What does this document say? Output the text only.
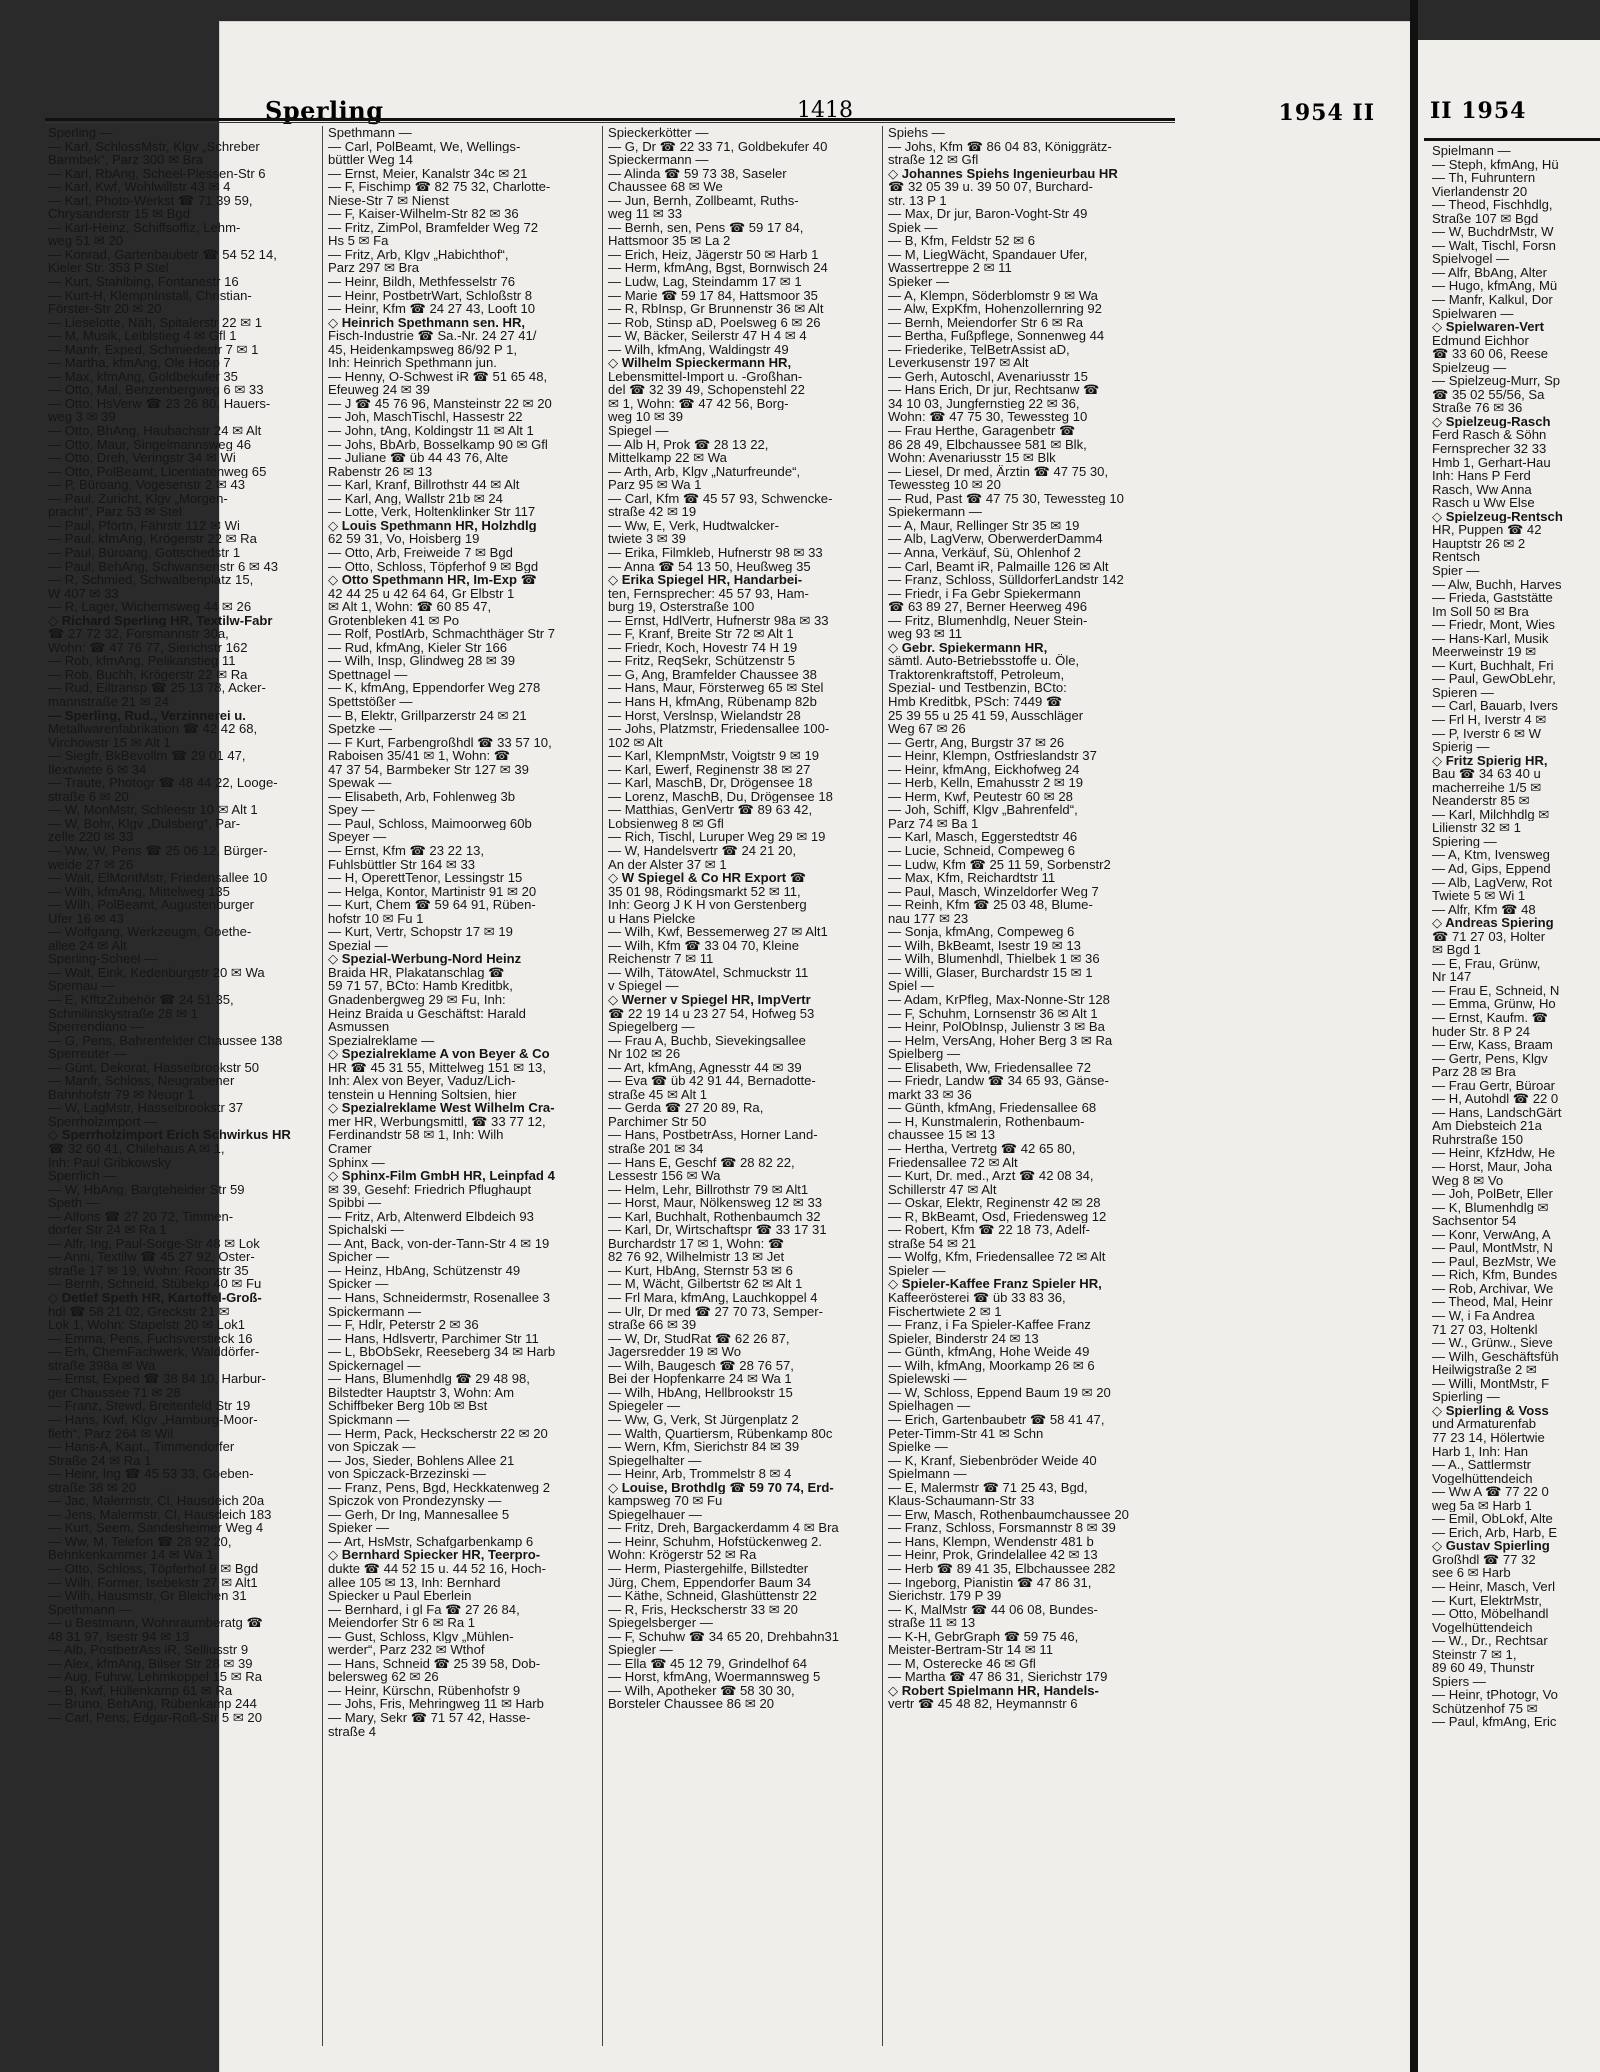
Sperling	1418	1954 II
Sperling —
— Karl, SchlossMstr, Klgv „Schreber
Barmbek“, Parz 300 ✉ Bra
— Karl, RbAng, Scheel-Plessen-Str 6
— Karl, Kwf, Wohlwillstr 43 ✉ 4
— Karl, Photo-Werkst ☎ 71 39 59,
Chrysanderstr 15 ✉ Bgd
— Karl-Heinz, Schiffsoffiz, Lehm-
weg 51 ✉ 20
— Konrad, Gartenbaubetr ☎ 54 52 14,
Kieler Str. 353 P Stel
— Kurt, Stahlbing, Fontanestr 16
— Kurt-H, KlempnInstall, Christian-
Förster-Str 20 ✉ 20
— Lieselotte, Näh, Spitalerstr 22 ✉ 1
— M, Musik, Leiblstieg 4 ✉ Gfl 1
— Manfr, Exped, Schmiedestr 7 ✉ 1
— Martha, kfmAng, Ole Hoop 7
— Max, kfmAng, Goldbekufer 35
— Otto, Mal, Benzenbergweg 6 ✉ 33
— Otto, HsVerw ☎ 23 26 80, Hauers-
weg 3 ✉ 39
— Otto, BhAng, Haubachstr 24 ✉ Alt
— Otto, Maur, Singelmannsweg 46
— Otto, Dreh, Veringstr 34 ✉ Wi
— Otto, PolBeamt, Licentiatenweg 65
— P, Büroang, Vogesenstr 2 ✉ 43
— Paul, Zuricht, Klgv „Morgen-
pracht“, Parz 53 ✉ Stel
— Paul, Pförtn, Fährstr 112 ✉ Wi
— Paul, kfmAng, Krögerstr 22 ✉ Ra
— Paul, Büroang, Gottschedstr 1
— Paul, BehAng, Schwansenstr 6 ✉ 43
— R, Schmied, Schwalbenplatz 15,
W 407 ✉ 33
— R, Lager, Wichernsweg 44 ✉ 26
◇ Richard Sperling HR, Textilw-Fabr
☎ 27 72 32, Forsmannstr 30a,
Wohn: ☎ 47 76 77, Sierichstr 162
— Rob, kfmAng, Pelikanstieg 11
— Rob, Buchh, Krögerstr 22 ✉ Ra
— Rud, Eiltransp ☎ 25 13 78, Acker-
mannstraße 21 ✉ 24
— Sperling, Rud., Verzinnerei u.
Metallwarenfabrikation ☎ 42 42 68,
Virchowstr 15 ✉ Alt 1
— Siegfr, BkBevollm ☎ 29 01 47,
Ilextwiete 6 ✉ 34
— Traute, Photogr ☎ 48 44 22, Looge-
straße 6 ✉ 20
— W, MonMstr, Schleestr 10 ✉ Alt 1
— W, Bohr, Klgv „Dulsberg“, Par-
zelle 220 ✉ 33
— Ww, W, Pens ☎ 25 06 12, Bürger-
weide 27 ✉ 26
— Walt, ElMontMstr, Friedensallee 10
— Wilh, kfmAng, Mittelweg 135
— Wilh, PolBeamt, Augustenburger
Ufer 16 ✉ 43
— Wolfgang, Werkzeugm, Goethe-
allee 24 ✉ Alt
Sperling-Scheel —
— Walt, Eink, Kedenburgstr 20 ✉ Wa
Spernau —
— E, KfftzZubehör ☎ 24 51 35,
Schmilinskystraße 28 ✉ 1
Sperrendiano —
— G, Pens, Bahrenfelder Chaussee 138
Sperreuter —
— Günt, Dekorat, Hasselbrookstr 50
— Manfr, Schloss, Neugrabener
Bahnhofstr 79 ✉ Neugr 1
— W, LagMstr, Hasselbrookstr 37
Sperrholzimport —
◇ Sperrholzimport Erich Schwirkus HR
☎ 32 60 41, Chilehaus A ✉ 1,
Inh: Paul Gribkowsky
Sperrlich —
— W, HbAng, Bargteheider Str 59
Speth —
— Alfons ☎ 27 20 72, Timmen-
dorfer Str 24 ✉ Ra 1
— Alfr, Ing, Paul-Sorge-Str 48 ✉ Lok
— Anni, Textilw ☎ 45 27 92, Oster-
straße 17 ✉ 19, Wohn: Roonstr 35
— Bernh, Schneid, Stübekp 40 ✉ Fu
◇ Detlef Speth HR, Kartoffel-Groß-
hdl ☎ 58 21 02, Greckstr 21 ✉
Lok 1, Wohn: Stapelstr 20 ✉ Lok1
— Emma, Pens, Fuchsverstieck 16
— Erh, ChemFachwerk, Walddörfer-
straße 398a ✉ Wa
— Ernst, Exped ☎ 38 84 10, Harbur-
ger Chaussee 71 ✉ 28
— Franz, Stewd, Breitenfeld Str 19
— Hans, Kwf, Klgv „Hamburg-Moor-
fleth“, Parz 264 ✉ Wil
— Hans-A, Kapt., Timmendorfer
Straße 24 ✉ Ra 1
— Heinr, Ing ☎ 45 53 33, Goeben-
straße 38 ✉ 20
— Jac, Malermstr, Cl, Hausdeich 20a
— Jens, Malermstr, Cl, Hausdeich 183
— Kurt, Seem, Sandesheimer Weg 4
— Ww, M, Telefon ☎ 28 92 20,
Behnkenkammer 14 ✉ Wa 1
— Otto, Schloss, Töpferhof 9 ✉ Bgd
— Wilh, Former, Isebekstr 27 ✉ Alt1
— Wilh, Hausmstr, Gr Bleichen 31
Spethmann —
— u Bestmann, Wohnraumberatg ☎
48 31 97, Isestr 94 ✉ 13
— Alb, PostbetrAss iR, Selliusstr 9
— Alex, kfmAng, Bilser Str 28 ✉ 39
— Aug, Fuhrw, Lehmkoppel 15 ✉ Ra
— B, Kwf, Hüllenkamp 61 ✉ Ra
— Bruno, BehAng, Rübenkamp 244
— Carl, Pens, Edgar-Roß-Str 5 ✉ 20
Spethmann —
— Carl, PolBeamt, We, Wellings-
büttler Weg 14
— Ernst, Meier, Kanalstr 34c ✉ 21
— F, Fischimp ☎ 82 75 32, Charlotte-
Niese-Str 7 ✉ Nienst
— F, Kaiser-Wilhelm-Str 82 ✉ 36
— Fritz, ZimPol, Bramfelder Weg 72
Hs 5 ✉ Fa
— Fritz, Arb, Klgv „Habichthof“,
Parz 297 ✉ Bra
— Heinr, Bildh, Methfesselstr 76
— Heinr, PostbetrWart, Schloßstr 8
— Heinr, Kfm ☎ 24 27 43, Looft 10
◇ Heinrich Spethmann sen. HR,
Fisch-Industrie ☎ Sa.-Nr. 24 27 41/
45, Heidenkampsweg 86/92 P 1,
Inh: Heinrich Spethmann jun.
— Henny, O-Schwest iR ☎ 51 65 48,
Efeuweg 24 ✉ 39
— J ☎ 45 76 96, Mansteinstr 22 ✉ 20
— Joh, MaschTischl, Hassestr 22
— John, tAng, Koldingstr 11 ✉ Alt 1
— Johs, BbArb, Bosselkamp 90 ✉ Gfl
— Juliane ☎ üb 44 43 76, Alte
Rabenstr 26 ✉ 13
— Karl, Kranf, Billrothstr 44 ✉ Alt
— Karl, Ang, Wallstr 21b ✉ 24
— Lotte, Verk, Holtenklinker Str 117
◇ Louis Spethmann HR, Holzhdlg
62 59 31, Vo, Hoisberg 19
— Otto, Arb, Freiweide 7 ✉ Bgd
— Otto, Schloss, Töpferhof 9 ✉ Bgd
◇ Otto Spethmann HR, Im-Exp ☎
42 44 25 u 42 64 64, Gr Elbstr 1
✉ Alt 1, Wohn: ☎ 60 85 47,
Grotenbleken 41 ✉ Po
— Rolf, PostlArb, Schmachthäger Str 7
— Rud, kfmAng, Kieler Str 166
— Wilh, Insp, Glindweg 28 ✉ 39
Spettnagel —
— K, kfmAng, Eppendorfer Weg 278
Spettstößer —
— B, Elektr, Grillparzerstr 24 ✉ 21
Spetzke —
— F Kurt, Farbengroßhdl ☎ 33 57 10,
Raboisen 35/41 ✉ 1, Wohn: ☎
47 37 54, Barmbeker Str 127 ✉ 39
Spewak —
— Elisabeth, Arb, Fohlenweg 3b
Spey —
— Paul, Schloss, Maimoorweg 60b
Speyer —
— Ernst, Kfm ☎ 23 22 13,
Fuhlsbüttler Str 164 ✉ 33
— H, OperettTenor, Lessingstr 15
— Helga, Kontor, Martinistr 91 ✉ 20
— Kurt, Chem ☎ 59 64 91, Rüben-
hofstr 10 ✉ Fu 1
— Kurt, Vertr, Schopstr 17 ✉ 19
Spezial —
◇ Spezial-Werbung-Nord Heinz
Braida HR, Plakatanschlag ☎
59 71 57, BCto: Hamb Kreditbk,
Gnadenbergweg 29 ✉ Fu, Inh:
Heinz Braida u Geschäftst: Harald
Asmussen
Spezialreklame —
◇ Spezialreklame A von Beyer & Co
HR ☎ 45 31 55, Mittelweg 151 ✉ 13,
Inh: Alex von Beyer, Vaduz/Lich-
tenstein u Henning Soltsien, hier
◇ Spezialreklame West Wilhelm Cra-
mer HR, Werbungsmittl, ☎ 33 77 12,
Ferdinandstr 58 ✉ 1, Inh: Wilh
Cramer
Sphinx —
◇ Sphinx-Film GmbH HR, Leinpfad 4
✉ 39, Gesehf: Friedrich Pflughaupt
Spibbi —
— Fritz, Arb, Altenwerd Elbdeich 93
Spichalski —
— Ant, Back, von-der-Tann-Str 4 ✉ 19
Spicher —
— Heinz, HbAng, Schützenstr 49
Spicker —
— Hans, Schneidermstr, Rosenallee 3
Spickermann —
— F, Hdlr, Peterstr 2 ✉ 36
— Hans, Hdlsvertr, Parchimer Str 11
— L, BbObSekr, Reeseberg 34 ✉ Harb
Spickernagel —
— Hans, Blumenhdlg ☎ 29 48 98,
Bilstedter Hauptstr 3, Wohn: Am
Schiffbeker Berg 10b ✉ Bst
Spickmann —
— Herm, Pack, Heckscherstr 22 ✉ 20
von Spiczak —
— Jos, Sieder, Bohlens Allee 21
von Spiczack-Brzezinski —
— Franz, Pens, Bgd, Heckkatenweg 2
Spiczok von Prondezynsky —
— Gerh, Dr Ing, Mannesallee 5
Spieker —
— Art, HsMstr, Schafgarbenkamp 6
◇ Bernhard Spiecker HR, Teerpro-
dukte ☎ 44 52 15 u. 44 52 16, Hoch-
allee 105 ✉ 13, Inh: Bernhard
Spiecker u Paul Eberlein
— Bernhard, i gl Fa ☎ 27 26 84,
Meiendorfer Str 6 ✉ Ra 1
— Gust, Schloss, Klgv „Mühlen-
werder“, Parz 232 ✉ Wthof
— Hans, Schneid ☎ 25 39 58, Dob-
belersweg 62 ✉ 26
— Heinr, Kürschn, Rübenhofstr 9
— Johs, Fris, Mehringweg 11 ✉ Harb
— Mary, Sekr ☎ 71 57 42, Hasse-
straße 4
Spieckerkötter —
— G, Dr ☎ 22 33 71, Goldbekufer 40
Spieckermann —
— Alinda ☎ 59 73 38, Saseler
Chaussee 68 ✉ We
— Jun, Bernh, Zollbeamt, Ruths-
weg 11 ✉ 33
— Bernh, sen, Pens ☎ 59 17 84,
Hattsmoor 35 ✉ La 2
— Erich, Heiz, Jägerstr 50 ✉ Harb 1
— Herm, kfmAng, Bgst, Bornwisch 24
— Ludw, Lag, Steindamm 17 ✉ 1
— Marie ☎ 59 17 84, Hattsmoor 35
— R, RbInsp, Gr Brunnenstr 36 ✉ Alt
— Rob, Stinsp aD, Poelsweg 6 ✉ 26
— W, Bäcker, Seilerstr 47 H 4 ✉ 4
— Wilh, kfmAng, Waldingstr 49
◇ Wilhelm Spieckermann HR,
Lebensmittel-Import u. -Großhan-
del ☎ 32 39 49, Schopenstehl 22
✉ 1, Wohn: ☎ 47 42 56, Borg-
weg 10 ✉ 39
Spiegel —
— Alb H, Prok ☎ 28 13 22,
Mittelkamp 22 ✉ Wa
— Arth, Arb, Klgv „Naturfreunde“,
Parz 95 ✉ Wa 1
— Carl, Kfm ☎ 45 57 93, Schwencke-
straße 42 ✉ 19
— Ww, E, Verk, Hudtwalcker-
twiete 3 ✉ 39
— Erika, Filmkleb, Hufnerstr 98 ✉ 33
— Anna ☎ 54 13 50, Heußweg 35
◇ Erika Spiegel HR, Handarbei-
ten, Fernsprecher: 45 57 93, Ham-
burg 19, Osterstraße 100
— Ernst, HdlVertr, Hufnerstr 98a ✉ 33
— F, Kranf, Breite Str 72 ✉ Alt 1
— Friedr, Koch, Hovestr 74 H 19
— Fritz, ReqSekr, Schützenstr 5
— G, Ang, Bramfelder Chaussee 38
— Hans, Maur, Försterweg 65 ✉ Stel
— Hans H, kfmAng, Rübenamp 82b
— Horst, Verslnsp, Wielandstr 28
— Johs, Platzmstr, Friedensallee 100-
102 ✉ Alt
— Karl, KlempnMstr, Voigtstr 9 ✉ 19
— Karl, Ewerf, Reginenstr 38 ✉ 27
— Karl, MaschB, Dr, Drögensee 18
— Lorenz, MaschB, Du, Drögensee 18
— Matthias, GenVertr ☎ 89 63 42,
Lobsienweg 8 ✉ Gfl
— Rich, Tischl, Luruper Weg 29 ✉ 19
— W, Handelsvertr ☎ 24 21 20,
An der Alster 37 ✉ 1
◇ W Spiegel & Co HR Export ☎
35 01 98, Rödingsmarkt 52 ✉ 11,
Inh: Georg J K H von Gerstenberg
u Hans Pielcke
— Wilh, Kwf, Bessemerweg 27 ✉ Alt1
— Wilh, Kfm ☎ 33 04 70, Kleine
Reichenstr 7 ✉ 11
— Wilh, TätowAtel, Schmuckstr 11
v Spiegel —
◇ Werner v Spiegel HR, ImpVertr
☎ 22 19 14 u 23 27 54, Hofweg 53
Spiegelberg —
— Frau A, Buchb, Sievekingsallee
Nr 102 ✉ 26
— Art, kfmAng, Agnesstr 44 ✉ 39
— Eva ☎ üb 42 91 44, Bernadotte-
straße 45 ✉ Alt 1
— Gerda ☎ 27 20 89, Ra,
Parchimer Str 50
— Hans, PostbetrAss, Horner Land-
straße 201 ✉ 34
— Hans E, Geschf ☎ 28 82 22,
Lessestr 156 ✉ Wa
— Helm, Lehr, Billrothstr 79 ✉ Alt1
— Horst, Maur, Nölkensweg 12 ✉ 33
— Karl, Buchhalt, Rothenbaumch 32
— Karl, Dr, Wirtschaftspr ☎ 33 17 31
Burchardstr 17 ✉ 1, Wohn: ☎
82 76 92, Wilhelmistr 13 ✉ Jet
— Kurt, HbAng, Sternstr 53 ✉ 6
— M, Wächt, Gilbertstr 62 ✉ Alt 1
— Frl Mara, kfmAng, Lauchkoppel 4
— Ulr, Dr med ☎ 27 70 73, Semper-
straße 66 ✉ 39
— W, Dr, StudRat ☎ 62 26 87,
Jagersredder 19 ✉ Wo
— Wilh, Baugesch ☎ 28 76 57,
Bei der Hopfenkarre 24 ✉ Wa 1
— Wilh, HbAng, Hellbrookstr 15
Spiegeler —
— Ww, G, Verk, St Jürgenplatz 2
— Walth, Quartiersm, Rübenkamp 80c
— Wern, Kfm, Sierichstr 84 ✉ 39
Spiegelhalter —
— Heinr, Arb, Trommelstr 8 ✉ 4
◇ Louise, Brothdlg ☎ 59 70 74, Erd-
kampsweg 70 ✉ Fu
Spiegelhauer —
— Fritz, Dreh, Bargackerdamm 4 ✉ Bra
— Heinr, Schuhm, Hofstückenweg 2.
Wohn: Krögerstr 52 ✉ Ra
— Herm, Piastergehilfe, Billstedter
Jürg, Chem, Eppendorfer Baum 34
— Käthe, Schneid, Glashüttenstr 22
— R, Fris, Heckscherstr 33 ✉ 20
Spiegelsberger —
— F, Schuhw ☎ 34 65 20, Drehbahn31
Spiegler —
— Ella ☎ 45 12 79, Grindelhof 64
— Horst, kfmAng, Woermannsweg 5
— Wilh, Apotheker ☎ 58 30 30,
Borsteler Chaussee 86 ✉ 20
Spiehs —
— Johs, Kfm ☎ 86 04 83, Königgrätz-
straße 12 ✉ Gfl
◇ Johannes Spiehs Ingenieurbau HR
☎ 32 05 39 u. 39 50 07, Burchard-
str. 13 P 1
— Max, Dr jur, Baron-Voght-Str 49
Spiek —
— B, Kfm, Feldstr 52 ✉ 6
— M, LiegWächt, Spandauer Ufer,
Wassertreppe 2 ✉ 11
Spieker —
— A, Klempn, Söderblomstr 9 ✉ Wa
— Alw, ExpKfm, Hohenzollernring 92
— Bernh, Meiendorfer Str 6 ✉ Ra
— Bertha, Fußpflege, Sonnenweg 44
— Friederike, TelBetrAssist aD,
Leverkusenstr 197 ✉ Alt
— Gerh, Autoschl, Avenariusstr 15
— Hans Erich, Dr jur, Rechtsanw ☎
34 10 03, Jungfernstieg 22 ✉ 36,
Wohn: ☎ 47 75 30, Tewessteg 10
— Frau Herthe, Garagenbetr ☎
86 28 49, Elbchaussee 581 ✉ Blk,
Wohn: Avenariusstr 15 ✉ Blk
— Liesel, Dr med, Ärztin ☎ 47 75 30,
Tewessteg 10 ✉ 20
— Rud, Past ☎ 47 75 30, Tewessteg 10
Spiekermann —
— A, Maur, Rellinger Str 35 ✉ 19
— Alb, LagVerw, OberwerderDamm4
— Anna, Verkäuf, Sü, Ohlenhof 2
— Carl, Beamt iR, Palmaille 126 ✉ Alt
— Franz, Schloss, SülldorferLandstr 142
— Friedr, i Fa Gebr Spiekermann
☎ 63 89 27, Berner Heerweg 496
— Fritz, Blumenhdlg, Neuer Stein-
weg 93 ✉ 11
◇ Gebr. Spiekermann HR,
sämtl. Auto-Betriebsstoffe u. Öle,
Traktorenkraftstoff, Petroleum,
Spezial- und Testbenzin, BCto:
Hmb Kreditbk, PSch: 7449 ☎
25 39 55 u 25 41 59, Ausschläger
Weg 67 ✉ 26
— Gertr, Ang, Burgstr 37 ✉ 26
— Heinr, Klempn, Ostfrieslandstr 37
— Heinr, kfmAng, Eickhofweg 24
— Herb, Kelln, Emahusstr 2 ✉ 19
— Herm, Kwf, Peutestr 60 ✉ 28
— Joh, Schiff, Klgv „Bahrenfeld“,
Parz 74 ✉ Ba 1
— Karl, Masch, Eggerstedtstr 46
— Lucie, Schneid, Compeweg 6
— Ludw, Kfm ☎ 25 11 59, Sorbenstr2
— Max, Kfm, Reichardtstr 11
— Paul, Masch, Winzeldorfer Weg 7
— Reinh, Kfm ☎ 25 03 48, Blume-
nau 177 ✉ 23
— Sonja, kfmAng, Compeweg 6
— Wilh, BkBeamt, Isestr 19 ✉ 13
— Wilh, Blumenhdl, Thielbek 1 ✉ 36
— Willi, Glaser, Burchardstr 15 ✉ 1
Spiel —
— Adam, KrPfleg, Max-Nonne-Str 128
— F, Schuhm, Lornsenstr 36 ✉ Alt 1
— Heinr, PolObInsp, Julienstr 3 ✉ Ba
— Helm, VersAng, Hoher Berg 3 ✉ Ra
Spielberg —
— Elisabeth, Ww, Friedensallee 72
— Friedr, Landw ☎ 34 65 93, Gänse-
markt 33 ✉ 36
— Günth, kfmAng, Friedensallee 68
— H, Kunstmalerin, Rothenbaum-
chaussee 15 ✉ 13
— Hertha, Vertretg ☎ 42 65 80,
Friedensallee 72 ✉ Alt
— Kurt, Dr. med., Arzt ☎ 42 08 34,
Schillerstr 47 ✉ Alt
— Oskar, Elektr, Reginenstr 42 ✉ 28
— R, BkBeamt, Osd, Friedensweg 12
— Robert, Kfm ☎ 22 18 73, Adelf-
straße 54 ✉ 21
— Wolfg, Kfm, Friedensallee 72 ✉ Alt
Spieler —
◇ Spieler-Kaffee Franz Spieler HR,
Kaffeerösterei ☎ üb 33 83 36,
Fischertwiete 2 ✉ 1
— Franz, i Fa Spieler-Kaffee Franz
Spieler, Binderstr 24 ✉ 13
— Günth, kfmAng, Hohe Weide 49
— Wilh, kfmAng, Moorkamp 26 ✉ 6
Spielewski —
— W, Schloss, Eppend Baum 19 ✉ 20
Spielhagen —
— Erich, Gartenbaubetr ☎ 58 41 47,
Peter-Timm-Str 41 ✉ Schn
Spielke —
— K, Kranf, Siebenbröder Weide 40
Spielmann —
— E, Malermstr ☎ 71 25 43, Bgd,
Klaus-Schaumann-Str 33
— Erw, Masch, Rothenbaumchaussee 20
— Franz, Schloss, Forsmannstr 8 ✉ 39
— Hans, Klempn, Wendenstr 481 b
— Heinr, Prok, Grindelallee 42 ✉ 13
— Herb ☎ 89 41 35, Elbchaussee 282
— Ingeborg, Pianistin ☎ 47 86 31,
Sierichstr. 179 P 39
— K, MalMstr ☎ 44 06 08, Bundes-
straße 11 ✉ 13
— K-H, GebrGraph ☎ 59 75 46,
Meister-Bertram-Str 14 ✉ 11
— M, Osterecke 46 ✉ Gfl
— Martha ☎ 47 86 31, Sierichstr 179
◇ Robert Spielmann HR, Handels-
vertr ☎ 45 48 82, Heymannstr 6
II 1954
Spielmann —
— Steph, kfmAng, Hü
— Th, Fuhruntern
Vierlandenstr 20
— Theod, Fischhdlg,
Straße 107 ✉ Bgd
— W, BuchdrMstr, W
— Walt, Tischl, Forsn
Spielvogel —
— Alfr, BbAng, Alter
— Hugo, kfmAng, Mü
— Manfr, Kalkul, Dor
Spielwaren —
◇ Spielwaren-Vert
Edmund Eichhor
☎ 33 60 06, Reese
Spielzeug —
— Spielzeug-Murr, Sp
☎ 35 02 55/56, Sa
Straße 76 ✉ 36
◇ Spielzeug-Rasch
Ferd Rasch & Söhn
Fernsprecher 32 33
Hmb 1, Gerhart-Hau
Inh: Hans P Ferd
Rasch, Ww Anna
Rasch u Ww Else
◇ Spielzeug-Rentsch
HR, Puppen ☎ 42
Hauptstr 26 ✉ 2
Rentsch
Spier —
— Alw, Buchh, Harves
— Frieda, Gaststätte
Im Soll 50 ✉ Bra
— Friedr, Mont, Wies
— Hans-Karl, Musik
Meerweinstr 19 ✉
— Kurt, Buchhalt, Fri
— Paul, GewObLehr,
Spieren —
— Carl, Bauarb, Ivers
— Frl H, Iverstr 4 ✉
— P, Iverstr 6 ✉ W
Spierig —
◇ Fritz Spierig HR,
Bau ☎ 34 63 40 u
macherreihe 1/5 ✉
Neanderstr 85 ✉
— Karl, Milchhdlg ✉
Lilienstr 32 ✉ 1
Spiering —
— A, Ktm, Ivensweg
— Ad, Gips, Eppend
— Alb, LagVerw, Rot
Twiete 5 ✉ Wi 1
— Alfr, Kfm ☎ 48
◇ Andreas Spiering
☎ 71 27 03, Holter
✉ Bgd 1
— E, Frau, Grünw,
Nr 147
— Frau E, Schneid, N
— Emma, Grünw, Ho
— Ernst, Kaufm. ☎
huder Str. 8 P 24
— Erw, Kass, Braam
— Gertr, Pens, Klgv
Parz 28 ✉ Bra
— Frau Gertr, Büroar
— H, Autohdl ☎ 22 0
— Hans, LandschGärt
Am Diebsteich 21a
Ruhrstraße 150
— Heinr, KfzHdw, He
— Horst, Maur, Joha
Weg 8 ✉ Vo
— Joh, PolBetr, Eller
— K, Blumenhdlg ✉
Sachsentor 54
— Konr, VerwAng, A
— Paul, MontMstr, N
— Paul, BezMstr, We
— Rich, Kfm, Bundes
— Rob, Archivar, We
— Theod, Mal, Heinr
— W, i Fa Andrea
71 27 03, Holtenkl
— W., Grünw., Sieve
— Wilh, Geschäftsfüh
Heilwigstraße 2 ✉
— Willi, MontMstr, F
Spierling —
◇ Spierling & Voss
und Armaturenfab
77 23 14, Hölertwie
Harb 1, Inh: Han
— A., Sattlermstr
Vogelhüttendeich
— Ww A ☎ 77 22 0
weg 5a ✉ Harb 1
— Emil, ObLokf, Alte
— Erich, Arb, Harb, E
◇ Gustav Spierling
Großhdl ☎ 77 32
see 6 ✉ Harb
— Heinr, Masch, Verl
— Kurt, ElektrMstr,
— Otto, Möbelhandl
Vogelhüttendeich
— W., Dr., Rechtsar
Steinstr 7 ✉ 1,
89 60 49, Thunstr
Spiers —
— Heinr, tPhotogr, Vo
Schützenhof 75 ✉
— Paul, kfmAng, Eric
